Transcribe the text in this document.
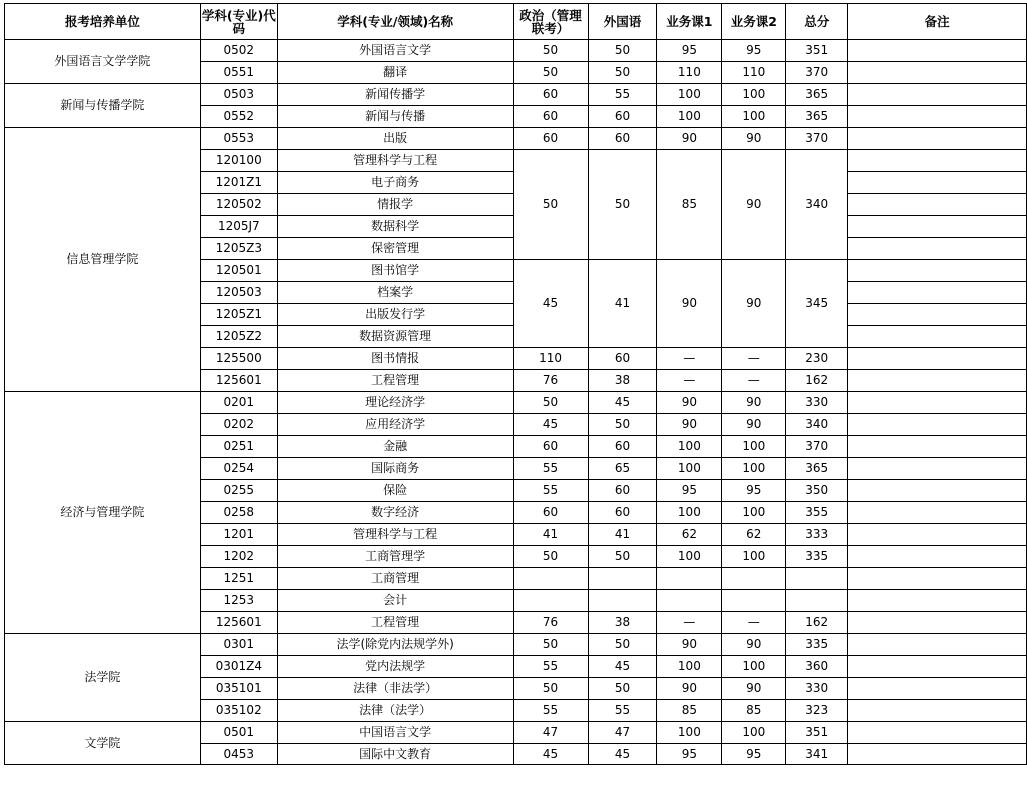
报考培养单位	学科(专业)代码	学科(专业/领域)名称	政治（管理联考）	外国语	业务课1	业务课2	总分	备注
外国语言文学学院	0502	外国语言文学	50	50	95	95	351	
	0551	翻译	50	50	110	110	370	
新闻与传播学院	0503	新闻传播学	60	55	100	100	365	
	0552	新闻与传播	60	60	100	100	365	
信息管理学院	0553	出版	60	60	90	90	370	
	120100	管理科学与工程	50	50	85	90	340	
	1201Z1	电子商务						
	120502	情报学						
	1205J7	数据科学						
	1205Z3	保密管理						
	120501	图书馆学	45	41	90	90	345	
	120503	档案学						
	1205Z1	出版发行学						
	1205Z2	数据资源管理						
	125500	图书情报	110	60	—	—	230	
	125601	工程管理	76	38	—	—	162	
经济与管理学院	0201	理论经济学	50	45	90	90	330	
	0202	应用经济学	45	50	90	90	340	
	0251	金融	60	60	100	100	370	
	0254	国际商务	55	65	100	100	365	
	0255	保险	55	60	95	95	350	
	0258	数字经济	60	60	100	100	355	
	1201	管理科学与工程	41	41	62	62	333	
	1202	工商管理学	50	50	100	100	335	
	1251	工商管理						
	1253	会计						
	125601	工程管理	76	38	—	—	162	
法学院	0301	法学(除党内法规学外)	50	50	90	90	335	
	0301Z4	党内法规学	55	45	100	100	360	
	035101	法律（非法学）	50	50	90	90	330	
	035102	法律（法学）	55	55	85	85	323	
文学院	0501	中国语言文学	47	47	100	100	351	
	0453	国际中文教育	45	45	95	95	341	
